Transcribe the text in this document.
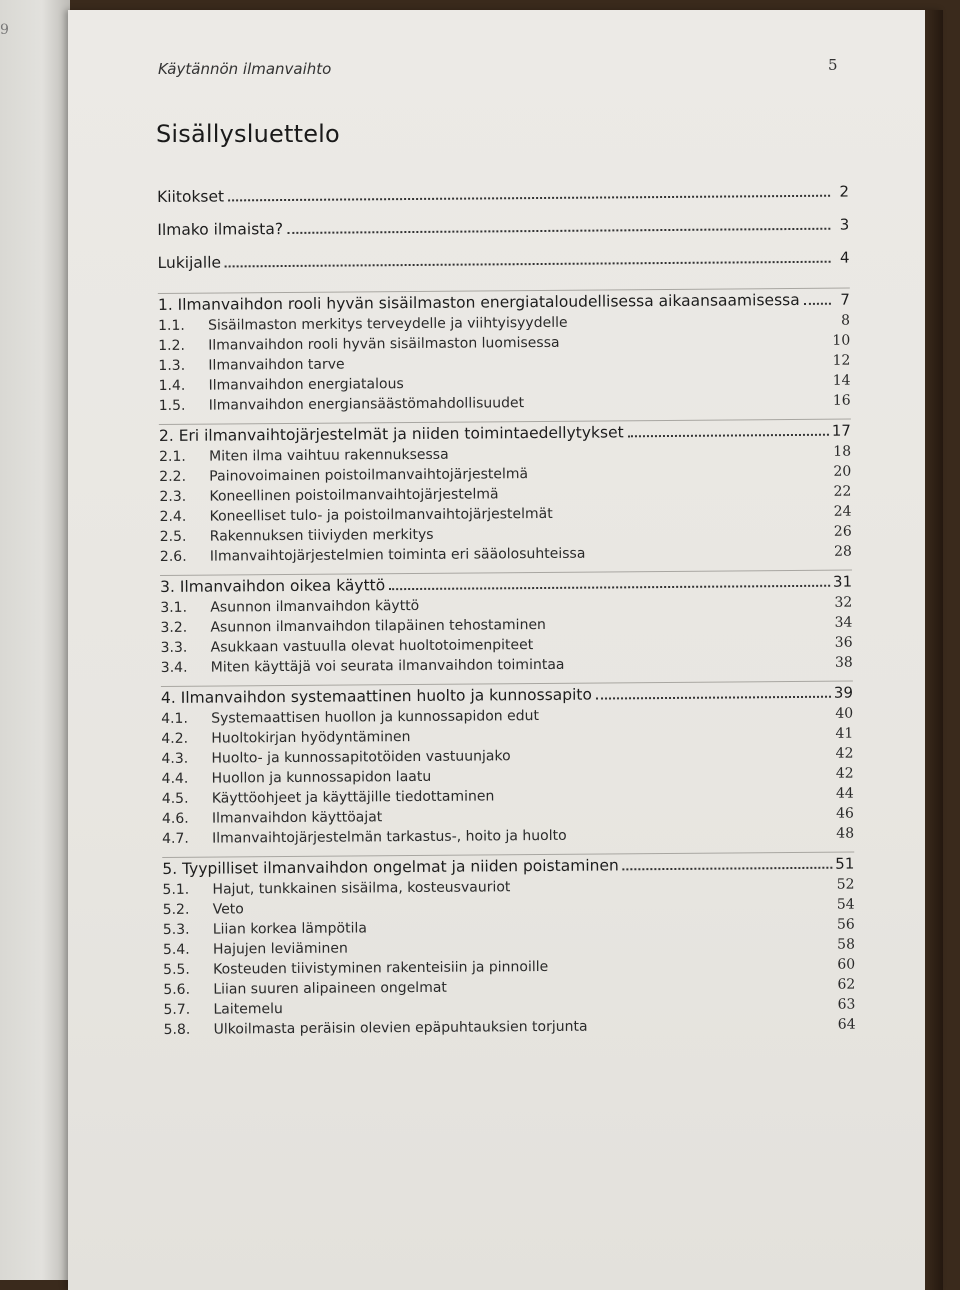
9
Käytännön ilmanvaihto	5
Sisällysluettelo
Kiitokset	2
Ilmako ilmaista?	3
Lukijalle	4
1. Ilmanvaihdon rooli hyvän sisäilmaston energiataloudellisessa aikaansaamisessa	7
1.1.	Sisäilmaston merkitys terveydelle ja viihtyisyydelle	8
1.2.	Ilmanvaihdon rooli hyvän sisäilmaston luomisessa	10
1.3.	Ilmanvaihdon tarve	12
1.4.	Ilmanvaihdon energiatalous	14
1.5.	Ilmanvaihdon energiansäästömahdollisuudet	16
2. Eri ilmanvaihtojärjestelmät ja niiden toimintaedellytykset	17
2.1.	Miten ilma vaihtuu rakennuksessa	18
2.2.	Painovoimainen poistoilmanvaihtojärjestelmä	20
2.3.	Koneellinen poistoilmanvaihtojärjestelmä	22
2.4.	Koneelliset tulo- ja poistoilmanvaihtojärjestelmät	24
2.5.	Rakennuksen tiiviyden merkitys	26
2.6.	Ilmanvaihtojärjestelmien toiminta eri sääolosuhteissa	28
3. Ilmanvaihdon oikea käyttö	31
3.1.	Asunnon ilmanvaihdon käyttö	32
3.2.	Asunnon ilmanvaihdon tilapäinen tehostaminen	34
3.3.	Asukkaan vastuulla olevat huoltotoimenpiteet	36
3.4.	Miten käyttäjä voi seurata ilmanvaihdon toimintaa	38
4. Ilmanvaihdon systemaattinen huolto ja kunnossapito	39
4.1.	Systemaattisen huollon ja kunnossapidon edut	40
4.2.	Huoltokirjan hyödyntäminen	41
4.3.	Huolto- ja kunnossapitotöiden vastuunjako	42
4.4.	Huollon ja kunnossapidon laatu	42
4.5.	Käyttöohjeet ja käyttäjille tiedottaminen	44
4.6.	Ilmanvaihdon käyttöajat	46
4.7.	Ilmanvaihtojärjestelmän tarkastus-, hoito ja huolto	48
5. Tyypilliset ilmanvaihdon ongelmat ja niiden poistaminen	51
5.1.	Hajut, tunkkainen sisäilma, kosteusvauriot	52
5.2.	Veto	54
5.3.	Liian korkea lämpötila	56
5.4.	Hajujen leviäminen	58
5.5.	Kosteuden tiivistyminen rakenteisiin ja pinnoille	60
5.6.	Liian suuren alipaineen ongelmat	62
5.7.	Laitemelu	63
5.8.	Ulkoilmasta peräisin olevien epäpuhtauksien torjunta	64
